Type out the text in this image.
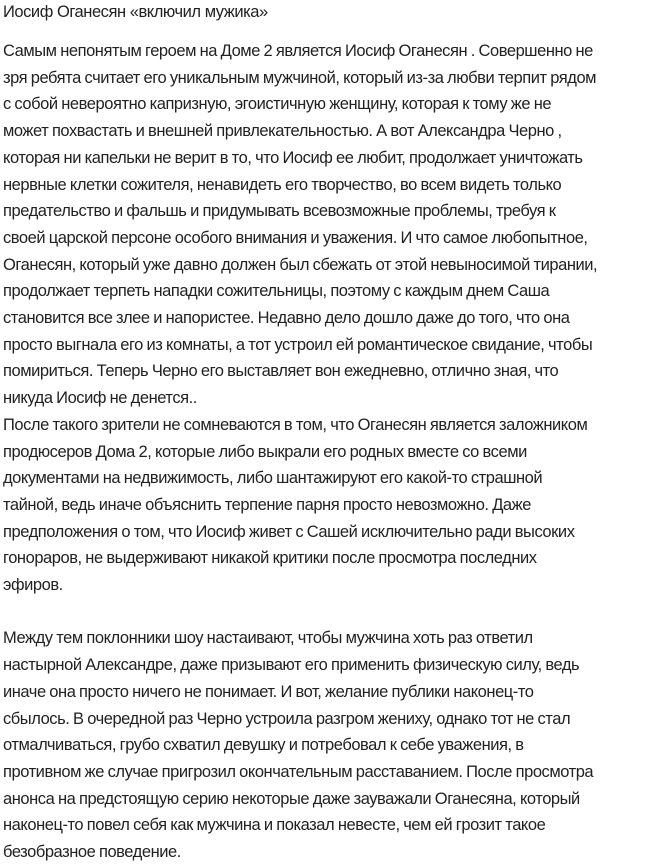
Иосиф Оганесян «включил мужика»

Самым непонятым героем на Доме 2 является Иосиф Оганесян . Совершенно не
зря ребята считает его уникальным мужчиной, который из-за любви терпит рядом
с собой невероятно капризную, эгоистичную женщину, которая к тому же не
может похвастать и внешней привлекательностью. А вот Александра Черно ,
которая ни капельки не верит в то, что Иосиф ее любит, продолжает уничтожать
нервные клетки сожителя, ненавидеть его творчество, во всем видеть только
предательство и фальшь и придумывать всевозможные проблемы, требуя к
своей царской персоне особого внимания и уважения. И что самое любопытное,
Оганесян, который уже давно должен был сбежать от этой невыносимой тирании,
продолжает терпеть нападки сожительницы, поэтому с каждым днем Саша
становится все злее и напористее. Недавно дело дошло даже до того, что она
просто выгнала его из комнаты, а тот устроил ей романтическое свидание, чтобы
помириться. Теперь Черно его выставляет вон ежедневно, отлично зная, что
никуда Иосиф не денется..

После такого зрители не сомневаются в том, что Оганесян является заложником
продюсеров Дома 2, которые либо выкрали его родных вместе со всеми
документами на недвижимость, либо шантажируют его какой-то страшной
тайной, ведь иначе объяснить терпение парня просто невозможно. Даже
предположения о том, что Иосиф живет с Сашей исключительно ради высоких
гонораров, не выдерживают никакой критики после просмотра последних
эфиров.

Между тем поклонники шоу настаивают, чтобы мужчина хоть раз ответил
настырной Александре, даже призывают его применить физическую силу, ведь
иначе она просто ничего не понимает. И вот, желание публики наконец-то
сбылось. В очередной раз Черно устроила разгром жениху, однако тот не стал
отмалчиваться, грубо схватил девушку и потребовал к себе уважения, в
противном же случае пригрозил окончательным расставанием. После просмотра
анонса на предстоящую серию некоторые даже зауважали Оганесяна, который
наконец-то повел себя как мужчина и показал невесте, чем ей грозит такое
безобразное поведение.
